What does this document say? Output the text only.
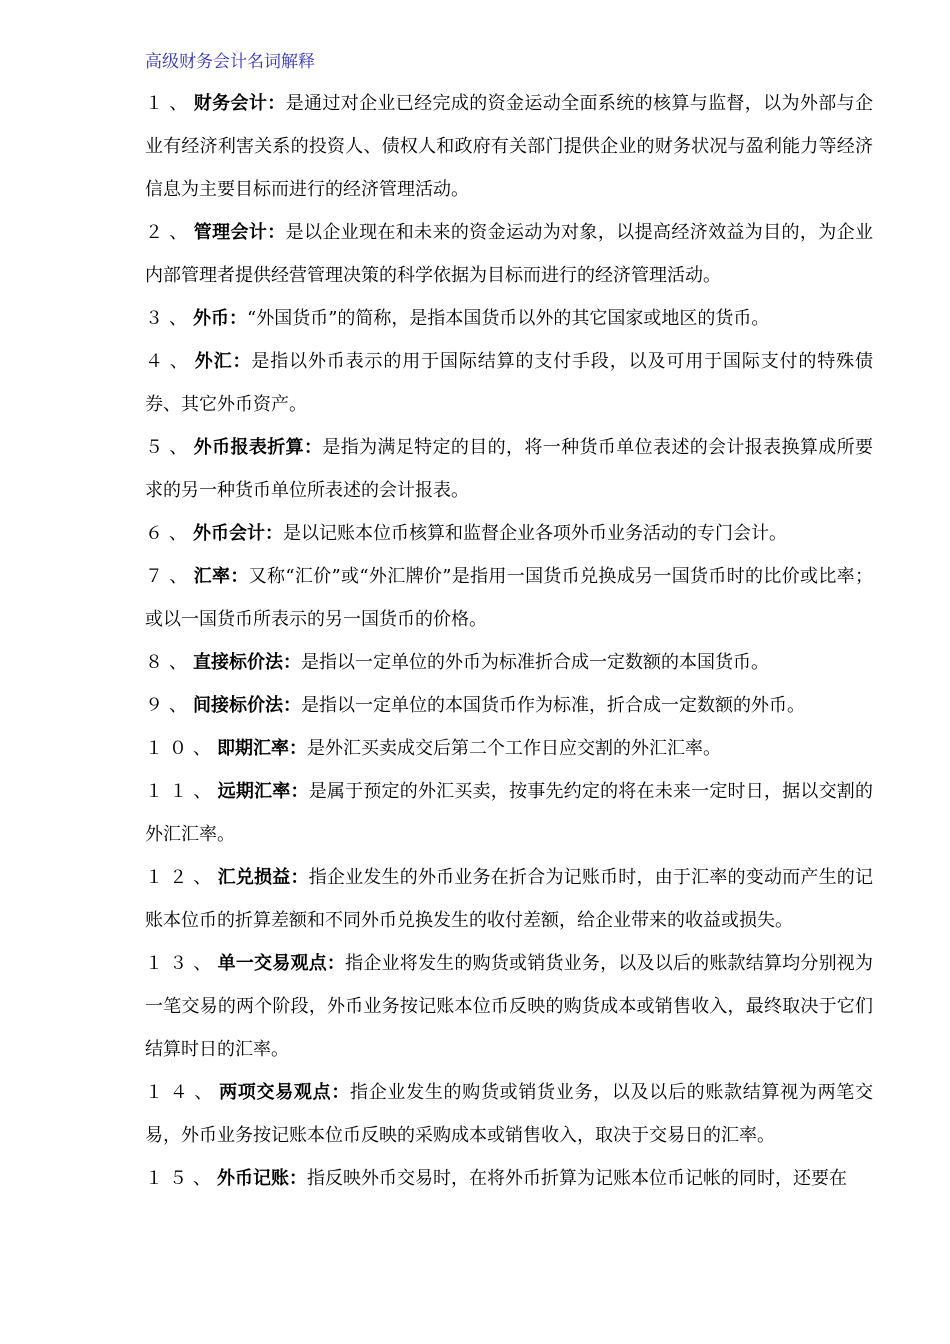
高级财务会计名词解释

１、财务会计：是通过对企业已经完成的资金运动全面系统的核算与监督，以为外部与企业有经济利害关系的投资人、债权人和政府有关部门提供企业的财务状况与盈利能力等经济信息为主要目标而进行的经济管理活动。

２、管理会计：是以企业现在和未来的资金运动为对象，以提高经济效益为目的，为企业内部管理者提供经营管理决策的科学依据为目标而进行的经济管理活动。

３、外币：“外国货币”的简称，是指本国货币以外的其它国家或地区的货币。

４、外汇：是指以外币表示的用于国际结算的支付手段，以及可用于国际支付的特殊债券、其它外币资产。

５、外币报表折算：是指为满足特定的目的，将一种货币单位表述的会计报表换算成所要求的另一种货币单位所表述的会计报表。

６、外币会计：是以记账本位币核算和监督企业各项外币业务活动的专门会计。

７、汇率：又称“汇价”或“外汇牌价”是指用一国货币兑换成另一国货币时的比价或比率；或以一国货币所表示的另一国货币的价格。

８、直接标价法：是指以一定单位的外币为标准折合成一定数额的本国货币。

９、间接标价法：是指以一定单位的本国货币作为标准，折合成一定数额的外币。

１０、即期汇率：是外汇买卖成交后第二个工作日应交割的外汇汇率。

１１、远期汇率：是属于预定的外汇买卖，按事先约定的将在未来一定时日，据以交割的外汇汇率。

１２、汇兑损益：指企业发生的外币业务在折合为记账币时，由于汇率的变动而产生的记账本位币的折算差额和不同外币兑换发生的收付差额，给企业带来的收益或损失。

１３、单一交易观点：指企业将发生的购货或销货业务，以及以后的账款结算均分别视为一笔交易的两个阶段，外币业务按记账本位币反映的购货成本或销售收入，最终取决于它们结算时日的汇率。

１４、两项交易观点：指企业发生的购货或销货业务，以及以后的账款结算视为两笔交易，外币业务按记账本位币反映的采购成本或销售收入，取决于交易日的汇率。

１５、外币记账：指反映外币交易时，在将外币折算为记账本位币记帐的同时，还要在
